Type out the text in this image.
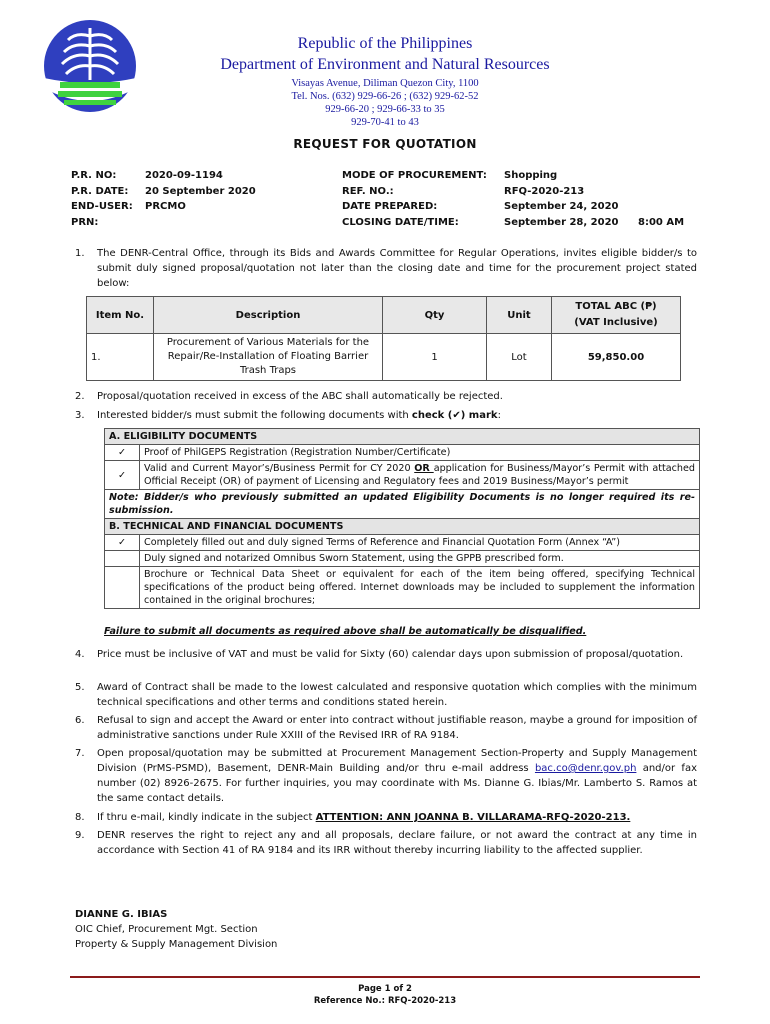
Republic of the Philippines
Department of Environment and Natural Resources
Visayas Avenue, Diliman Quezon City, 1100
Tel. Nos. (632) 929-66-26 ; (632) 929-62-52
929-66-20 ; 929-66-33 to 35
929-70-41 to 43
REQUEST FOR QUOTATION
P.R. NO:	2020-09-1194
P.R. DATE: 20 September 2020
END-USER: PRCMO
PRN:
MODE OF PROCUREMENT: Shopping
REF. NO.:	RFQ-2020-213
DATE PREPARED:	September 24, 2020
CLOSING DATE/TIME:	September 28, 2020 8:00 AM
1. The DENR-Central Office, through its Bids and Awards Committee for Regular Operations, invites eligible bidder/s to submit duly signed proposal/quotation not later than the closing date and time for the procurement project stated below:
Item No.	Description	Qty	Unit	TOTAL ABC (₱)
(VAT Inclusive)
1.	Procurement of Various Materials for the Repair/Re-Installation of Floating Barrier Trash Traps	1	Lot	59,850.00
2. Proposal/quotation received in excess of the ABC shall automatically be rejected.
3. Interested bidder/s must submit the following documents with check (✔) mark:
A. ELIGIBILITY DOCUMENTS	
✓	Proof of PhilGEPS Registration (Registration Number/Certificate)
✓	Valid and Current Mayor’s/Business Permit for CY 2020 OR application for Business/Mayor’s Permit with attached Official Receipt (OR) of payment of Licensing and Regulatory fees and 2019 Business/Mayor’s permit
Note: Bidder/s who previously submitted an updated Eligibility Documents is no longer required its re-submission.	
B. TECHNICAL AND FINANCIAL DOCUMENTS	
✓	Completely filled out and duly signed Terms of Reference and Financial Quotation Form (Annex “A”)
	Duly signed and notarized Omnibus Sworn Statement, using the GPPB prescribed form.
	Brochure or Technical Data Sheet or equivalent for each of the item being offered, specifying Technical specifications of the product being offered. Internet downloads may be included to supplement the information contained in the original brochures;
Failure to submit all documents as required above shall be automatically be disqualified.
4. Price must be inclusive of VAT and must be valid for Sixty (60) calendar days upon submission of proposal/quotation.
5. Award of Contract shall be made to the lowest calculated and responsive quotation which complies with the minimum technical specifications and other terms and conditions stated herein.
6. Refusal to sign and accept the Award or enter into contract without justifiable reason, maybe a ground for imposition of administrative sanctions under Rule XXIII of the Revised IRR of RA 9184.
7. Open proposal/quotation may be submitted at Procurement Management Section-Property and Supply Management Division (PrMS-PSMD), Basement, DENR-Main Building and/or thru e-mail address bac.co@denr.gov.ph and/or fax number (02) 8926-2675. For further inquiries, you may coordinate with Ms. Dianne G. Ibias/Mr. Lamberto S. Ramos at the same contact details.
8. If thru e-mail, kindly indicate in the subject ATTENTION: ANN JOANNA B. VILLARAMA-RFQ-2020-213.
9. DENR reserves the right to reject any and all proposals, declare failure, or not award the contract at any time in accordance with Section 41 of RA 9184 and its IRR without thereby incurring liability to the affected supplier.
DIANNE G. IBIAS
OIC Chief, Procurement Mgt. Section
Property & Supply Management Division
Page 1 of 2
Reference No.: RFQ-2020-213
